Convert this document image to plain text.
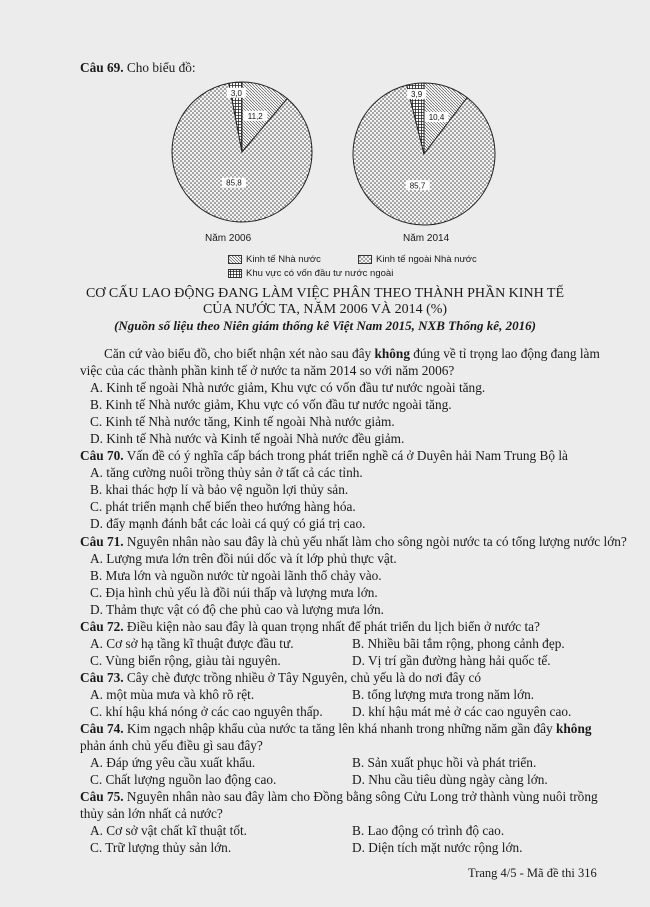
11,2
85,8
3,0
10,4
85,7
3,9
Câu 69. Cho biểu đồ:
Năm 2006	Năm 2014
Kinh tế Nhà nước	Kinh tế ngoài Nhà nước
Khu vực có vốn đầu tư nước ngoài
CƠ CẤU LAO ĐỘNG ĐANG LÀM VIỆC PHÂN THEO THÀNH PHẦN KINH TẾ
CỦA NƯỚC TA, NĂM 2006 VÀ 2014 (%)
(Nguồn số liệu theo Niên giám thống kê Việt Nam 2015, NXB Thống kê, 2016)
Căn cứ vào biểu đồ, cho biết nhận xét nào sau đây không đúng về tỉ trọng lao động đang làm
việc của các thành phần kinh tế ở nước ta năm 2014 so với năm 2006?
A. Kinh tế ngoài Nhà nước giảm, Khu vực có vốn đầu tư nước ngoài tăng.
B. Kinh tế Nhà nước giảm, Khu vực có vốn đầu tư nước ngoài tăng.
C. Kinh tế Nhà nước tăng, Kinh tế ngoài Nhà nước giảm.
D. Kinh tế Nhà nước và Kinh tế ngoài Nhà nước đều giảm.
Câu 70. Vấn đề có ý nghĩa cấp bách trong phát triển nghề cá ở Duyên hải Nam Trung Bộ là
A. tăng cường nuôi trồng thủy sản ở tất cả các tỉnh.
B. khai thác hợp lí và bảo vệ nguồn lợi thủy sản.
C. phát triển mạnh chế biến theo hướng hàng hóa.
D. đẩy mạnh đánh bắt các loài cá quý có giá trị cao.
Câu 71. Nguyên nhân nào sau đây là chủ yếu nhất làm cho sông ngòi nước ta có tổng lượng nước lớn?
A. Lượng mưa lớn trên đồi núi dốc và ít lớp phủ thực vật.
B. Mưa lớn và nguồn nước từ ngoài lãnh thổ chảy vào.
C. Địa hình chủ yếu là đồi núi thấp và lượng mưa lớn.
D. Thảm thực vật có độ che phủ cao và lượng mưa lớn.
Câu 72. Điều kiện nào sau đây là quan trọng nhất để phát triển du lịch biển ở nước ta?
A. Cơ sở hạ tầng kĩ thuật được đầu tư.	B. Nhiều bãi tắm rộng, phong cảnh đẹp.
C. Vùng biển rộng, giàu tài nguyên.	D. Vị trí gần đường hàng hải quốc tế.
Câu 73. Cây chè được trồng nhiều ở Tây Nguyên, chủ yếu là do nơi đây có
A. một mùa mưa và khô rõ rệt.	B. tổng lượng mưa trong năm lớn.
C. khí hậu khá nóng ở các cao nguyên thấp. D. khí hậu mát mẻ ở các cao nguyên cao.
Câu 74. Kim ngạch nhập khẩu của nước ta tăng lên khá nhanh trong những năm gần đây không
phản ánh chủ yếu điều gì sau đây?
A. Đáp ứng yêu cầu xuất khẩu.	B. Sản xuất phục hồi và phát triển.
C. Chất lượng nguồn lao động cao.	D. Nhu cầu tiêu dùng ngày càng lớn.
Câu 75. Nguyên nhân nào sau đây làm cho Đồng bằng sông Cửu Long trở thành vùng nuôi trồng
thủy sản lớn nhất cả nước?
A. Cơ sở vật chất kĩ thuật tốt.	B. Lao động có trình độ cao.
C. Trữ lượng thủy sản lớn.	D. Diện tích mặt nước rộng lớn.
Trang 4/5 - Mã đề thi 316
